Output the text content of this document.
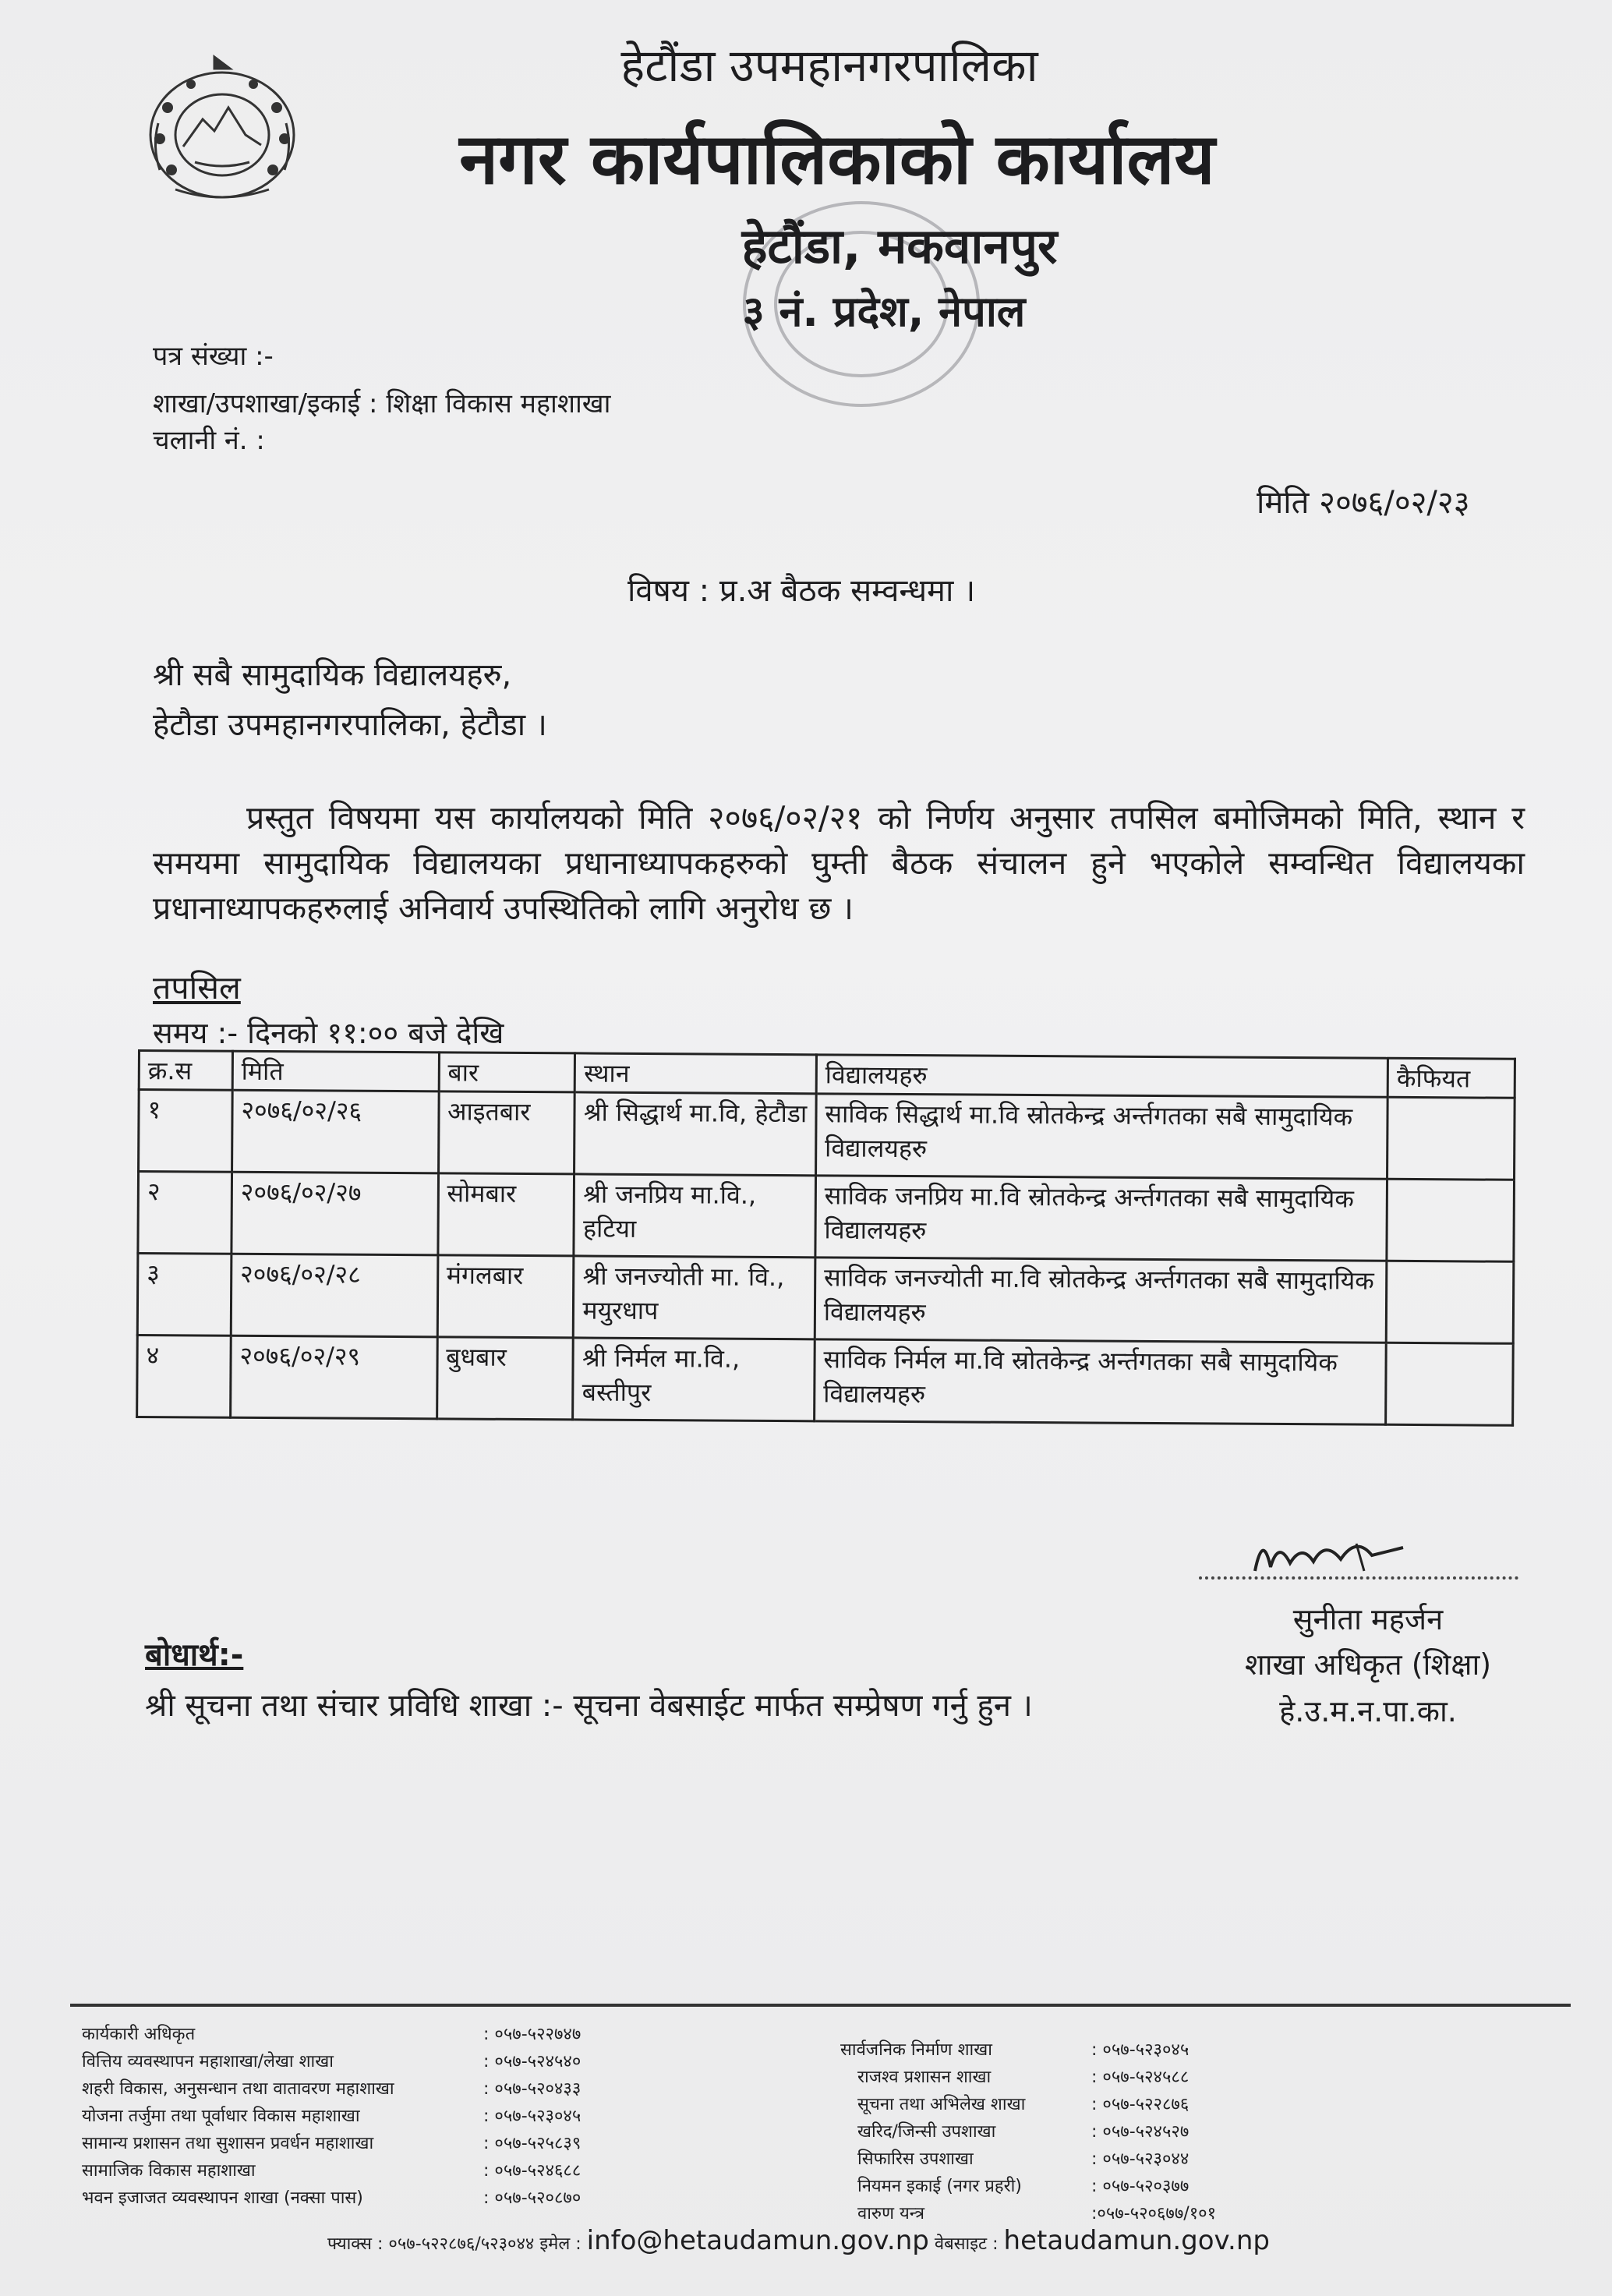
हेटौंडा उपमहानगरपालिका
नगर कार्यपालिकाको कार्यालय
हेटौंडा, मकवानपुर
३ नं. प्रदेश, नेपाल
पत्र संख्या :-
शाखा/उपशाखा/इकाई : शिक्षा विकास महाशाखा
चलानी नं. :
मिति २०७६/०२/२३
विषय : प्र.अ बैठक सम्वन्धमा ।
श्री सबै सामुदायिक विद्यालयहरु,
हेटौडा उपमहानगरपालिका, हेटौडा ।
प्रस्तुत विषयमा यस कार्यालयको मिति २०७६/०२/२१ को निर्णय अनुसार तपसिल बमोजिमको मिति, स्थान र समयमा सामुदायिक विद्यालयका प्रधानाध्यापकहरुको घुम्ती बैठक संचालन हुने भएकोले सम्वन्धित विद्यालयका प्रधानाध्यापकहरुलाई अनिवार्य उपस्थितिको लागि अनुरोध छ ।
तपसिल
समय :- दिनको ११:०० बजे देखि
क्र.स	मिति	बार	स्थान	विद्यालयहरु	कैफियत
१	२०७६/०२/२६	आइतबार	श्री सिद्धार्थ मा.वि, हेटौडा	साविक सिद्धार्थ मा.वि स्रोतकेन्द्र अर्न्तगतका सबै सामुदायिक विद्यालयहरु	
२	२०७६/०२/२७	सोमबार	श्री जनप्रिय मा.वि., हटिया	साविक जनप्रिय मा.वि स्रोतकेन्द्र अर्न्तगतका सबै सामुदायिक विद्यालयहरु	
३	२०७६/०२/२८	मंगलबार	श्री जनज्योती मा. वि., मयुरधाप	साविक जनज्योती मा.वि स्रोतकेन्द्र अर्न्तगतका सबै सामुदायिक विद्यालयहरु	
४	२०७६/०२/२९	बुधबार	श्री निर्मल मा.वि., बस्तीपुर	साविक निर्मल मा.वि स्रोतकेन्द्र अर्न्तगतका सबै सामुदायिक विद्यालयहरु	
सुनीता महर्जन
शाखा अधिकृत (शिक्षा)
हे.उ.म.न.पा.का.
बोधार्थ:-
श्री सूचना तथा संचार प्रविधि शाखा :- सूचना वेबसाईट मार्फत सम्प्रेषण गर्नु हुन ।
कार्यकारी अधिकृत	: ०५७-५२२७४७
वित्तिय व्यवस्थापन महाशाखा/लेखा शाखा	: ०५७-५२४५४०
शहरी विकास, अनुसन्धान तथा वातावरण महाशाखा	: ०५७-५२०४३३
योजना तर्जुमा तथा पूर्वाधार विकास महाशाखा	: ०५७-५२३०४५
सामान्य प्रशासन तथा सुशासन प्रवर्धन महाशाखा	: ०५७-५२५८३९
सामाजिक विकास महाशाखा	: ०५७-५२४६८८
भवन इजाजत व्यवस्थापन शाखा (नक्सा पास)	: ०५७-५२०८७०
सार्वजनिक निर्माण शाखा	: ०५७-५२३०४५
राजश्व प्रशासन शाखा	: ०५७-५२४५८८
सूचना तथा अभिलेख शाखा	: ०५७-५२२८७६
खरिद/जिन्सी उपशाखा	: ०५७-५२४५२७
सिफारिस उपशाखा	: ०५७-५२३०४४
नियमन इकाई (नगर प्रहरी)	: ०५७-५२०३७७
वारुण यन्त्र	:०५७-५२०६७७/१०१
फ्याक्स : ०५७-५२२८७६/५२३०४४ इमेल : info@hetaudamun.gov.np वेबसाइट : hetaudamun.gov.np
